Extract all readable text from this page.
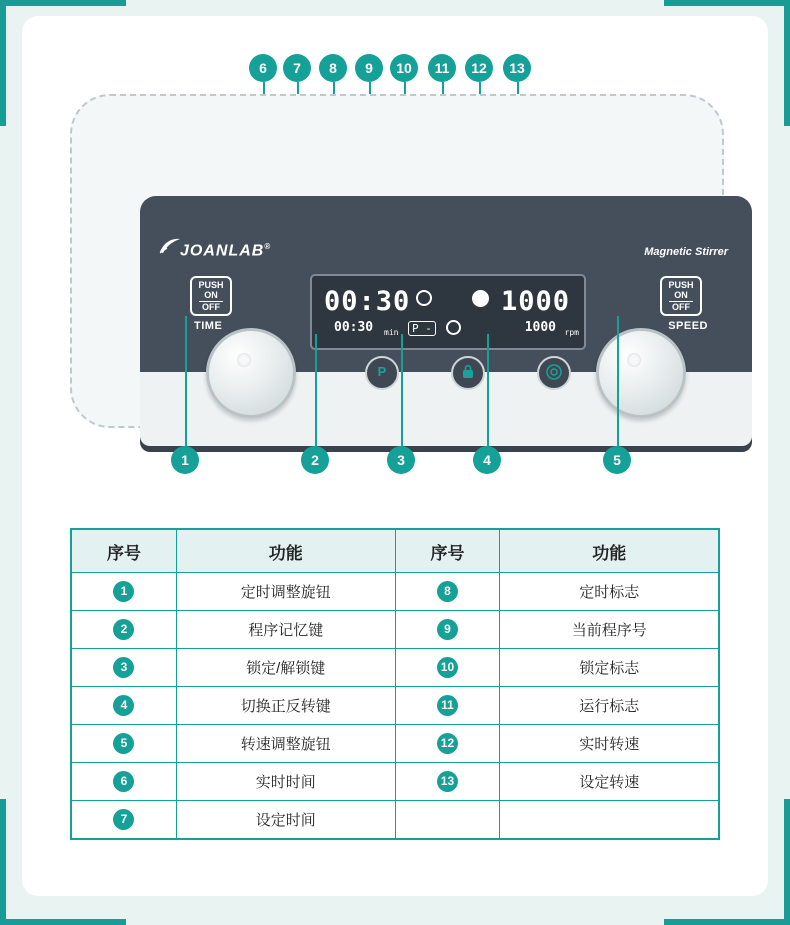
6	7	8	9	10	11	12	13
JOANLAB®	Magnetic Stirrer
PUSH
ON
OFF
TIME
PUSH
ON
OFF
SPEED
00:30
00:30 min	P -
1000
1000 rpm
P
1	2	3	4	5
序号	功能	序号	功能
1	定时调整旋钮	8	定时标志
2	程序记忆键	9	当前程序号
3	锁定/解锁键	10	锁定标志
4	切换正反转键	11	运行标志
5	转速调整旋钮	12	实时转速
6	实时时间	13	设定转速
7	设定时间		
